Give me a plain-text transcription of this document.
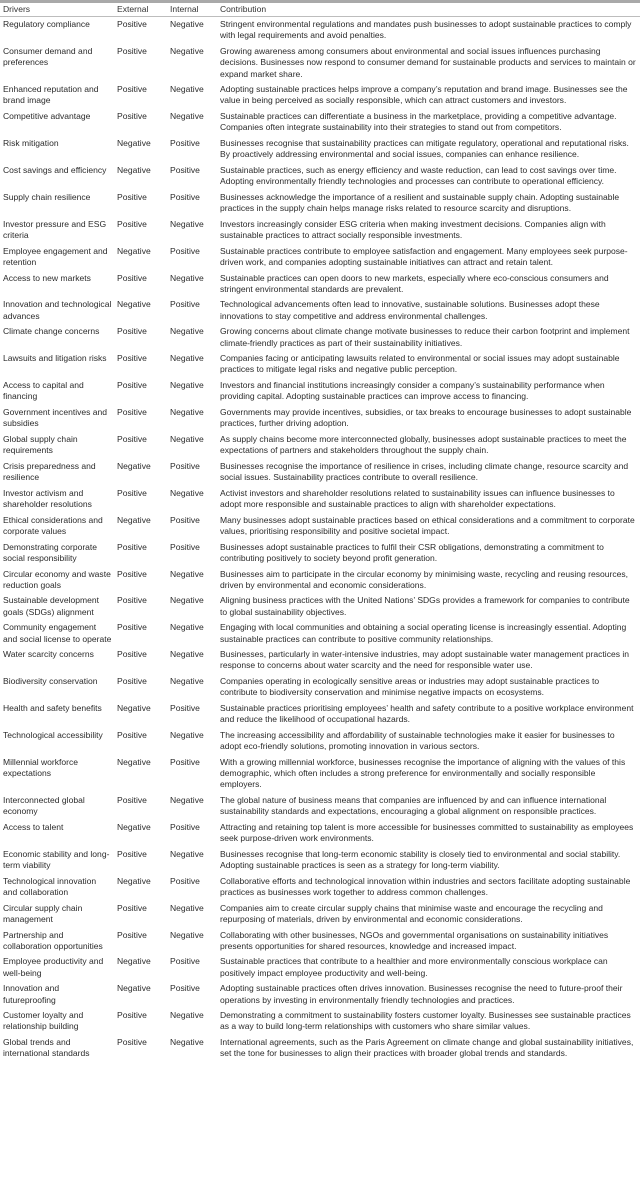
Drivers	External	Internal	Contribution
Regulatory compliance	Positive	Negative	Stringent environmental regulations and mandates push businesses to adopt sustainable practices to comply with legal requirements and avoid penalties.
Consumer demand and preferences	Positive	Negative	Growing awareness among consumers about environmental and social issues influences purchasing decisions. Businesses now respond to consumer demand for sustainable products and services to maintain or expand market share.
Enhanced reputation and brand image	Positive	Negative	Adopting sustainable practices helps improve a company’s reputation and brand image. Businesses see the value in being perceived as socially responsible, which can attract customers and investors.
Competitive advantage	Positive	Negative	Sustainable practices can differentiate a business in the marketplace, providing a competitive advantage. Companies often integrate sustainability into their strategies to stand out from competitors.
Risk mitigation	Negative	Positive	Businesses recognise that sustainability practices can mitigate regulatory, operational and reputational risks. By proactively addressing environmental and social issues, companies can enhance resilience.
Cost savings and efficiency	Negative	Positive	Sustainable practices, such as energy efficiency and waste reduction, can lead to cost savings over time. Adopting environmentally friendly technologies and processes can contribute to operational efficiency.
Supply chain resilience	Positive	Positive	Businesses acknowledge the importance of a resilient and sustainable supply chain. Adopting sustainable practices in the supply chain helps manage risks related to resource scarcity and disruptions.
Investor pressure and ESG criteria	Positive	Negative	Investors increasingly consider ESG criteria when making investment decisions. Companies align with sustainable practices to attract socially responsible investments.
Employee engagement and retention	Negative	Positive	Sustainable practices contribute to employee satisfaction and engagement. Many employees seek purpose-driven work, and companies adopting sustainable initiatives can attract and retain talent.
Access to new markets	Positive	Negative	Sustainable practices can open doors to new markets, especially where eco-conscious consumers and stringent environmental standards are prevalent.
Innovation and technological advances	Negative	Positive	Technological advancements often lead to innovative, sustainable solutions. Businesses adopt these innovations to stay competitive and address environmental challenges.
Climate change concerns	Positive	Negative	Growing concerns about climate change motivate businesses to reduce their carbon footprint and implement climate-friendly practices as part of their sustainability initiatives.
Lawsuits and litigation risks	Positive	Negative	Companies facing or anticipating lawsuits related to environmental or social issues may adopt sustainable practices to mitigate legal risks and negative public perception.
Access to capital and financing	Positive	Negative	Investors and financial institutions increasingly consider a company’s sustainability performance when providing capital. Adopting sustainable practices can improve access to financing.
Government incentives and subsidies	Positive	Negative	Governments may provide incentives, subsidies, or tax breaks to encourage businesses to adopt sustainable practices, further driving adoption.
Global supply chain requirements	Positive	Negative	As supply chains become more interconnected globally, businesses adopt sustainable practices to meet the expectations of partners and stakeholders throughout the supply chain.
Crisis preparedness and resilience	Negative	Positive	Businesses recognise the importance of resilience in crises, including climate change, resource scarcity and social issues. Sustainability practices contribute to overall resilience.
Investor activism and shareholder resolutions	Positive	Negative	Activist investors and shareholder resolutions related to sustainability issues can influence businesses to adopt more responsible and sustainable practices to align with shareholder expectations.
Ethical considerations and corporate values	Negative	Positive	Many businesses adopt sustainable practices based on ethical considerations and a commitment to corporate values, prioritising responsibility and positive societal impact.
Demonstrating corporate social responsibility	Positive	Positive	Businesses adopt sustainable practices to fulfil their CSR obligations, demonstrating a commitment to contributing positively to society beyond profit generation.
Circular economy and waste reduction goals	Positive	Negative	Businesses aim to participate in the circular economy by minimising waste, recycling and reusing resources, driven by environmental and economic considerations.
Sustainable development goals (SDGs) alignment	Positive	Negative	Aligning business practices with the United Nations’ SDGs provides a framework for companies to contribute to global sustainability objectives.
Community engagement and social license to operate	Positive	Negative	Engaging with local communities and obtaining a social operating license is increasingly essential. Adopting sustainable practices can contribute to positive community relationships.
Water scarcity concerns	Positive	Negative	Businesses, particularly in water-intensive industries, may adopt sustainable water management practices in response to concerns about water scarcity and the need for responsible water use.
Biodiversity conservation	Positive	Negative	Companies operating in ecologically sensitive areas or industries may adopt sustainable practices to contribute to biodiversity conservation and minimise negative impacts on ecosystems.
Health and safety benefits	Negative	Positive	Sustainable practices prioritising employees’ health and safety contribute to a positive workplace environment and reduce the likelihood of occupational hazards.
Technological accessibility	Positive	Negative	The increasing accessibility and affordability of sustainable technologies make it easier for businesses to adopt eco-friendly solutions, promoting innovation in various sectors.
Millennial workforce expectations	Negative	Positive	With a growing millennial workforce, businesses recognise the importance of aligning with the values of this demographic, which often includes a strong preference for environmentally and socially responsible employers.
Interconnected global economy	Positive	Negative	The global nature of business means that companies are influenced by and can influence international sustainability standards and expectations, encouraging a global alignment on responsible practices.
Access to talent	Negative	Positive	Attracting and retaining top talent is more accessible for businesses committed to sustainability as employees seek purpose-driven work environments.
Economic stability and long-term viability	Positive	Negative	Businesses recognise that long-term economic stability is closely tied to environmental and social stability. Adopting sustainable practices is seen as a strategy for long-term viability.
Technological innovation and collaboration	Negative	Positive	Collaborative efforts and technological innovation within industries and sectors facilitate adopting sustainable practices as businesses work together to address common challenges.
Circular supply chain management	Positive	Negative	Companies aim to create circular supply chains that minimise waste and encourage the recycling and repurposing of materials, driven by environmental and economic considerations.
Partnership and collaboration opportunities	Positive	Negative	Collaborating with other businesses, NGOs and governmental organisations on sustainability initiatives presents opportunities for shared resources, knowledge and increased impact.
Employee productivity and well-being	Negative	Positive	Sustainable practices that contribute to a healthier and more environmentally conscious workplace can positively impact employee productivity and well-being.
Innovation and futureproofing	Negative	Positive	Adopting sustainable practices often drives innovation. Businesses recognise the need to future-proof their operations by investing in environmentally friendly technologies and practices.
Customer loyalty and relationship building	Positive	Negative	Demonstrating a commitment to sustainability fosters customer loyalty. Businesses see sustainable practices as a way to build long-term relationships with customers who share similar values.
Global trends and international standards	Positive	Negative	International agreements, such as the Paris Agreement on climate change and global sustainability initiatives, set the tone for businesses to align their practices with broader global trends and standards.
